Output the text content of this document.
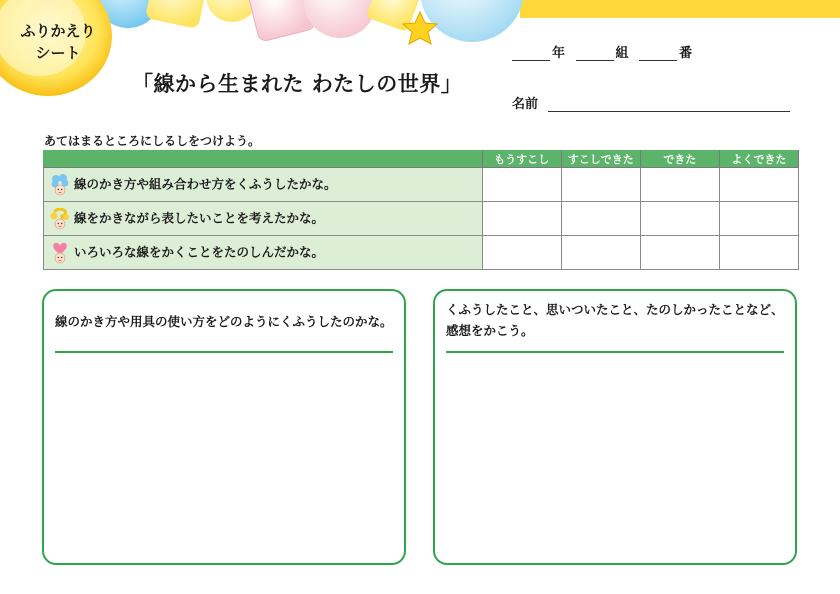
ふりかえり
シート
「線から生まれた わたしの世界」
年	組	番
名前
あてはまるところにしるしをつけよう。
	もうすこし	すこしできた	できた	よくできた
線のかき方や組み合わせ方をくふうしたかな。				
線をかきながら表したいことを考えたかな。				
いろいろな線をかくことをたのしんだかな。				
線のかき方や用具の使い方をどのようにくふうしたのかな。
くふうしたこと、思いついたこと、たのしかったことなど、
感想をかこう。
